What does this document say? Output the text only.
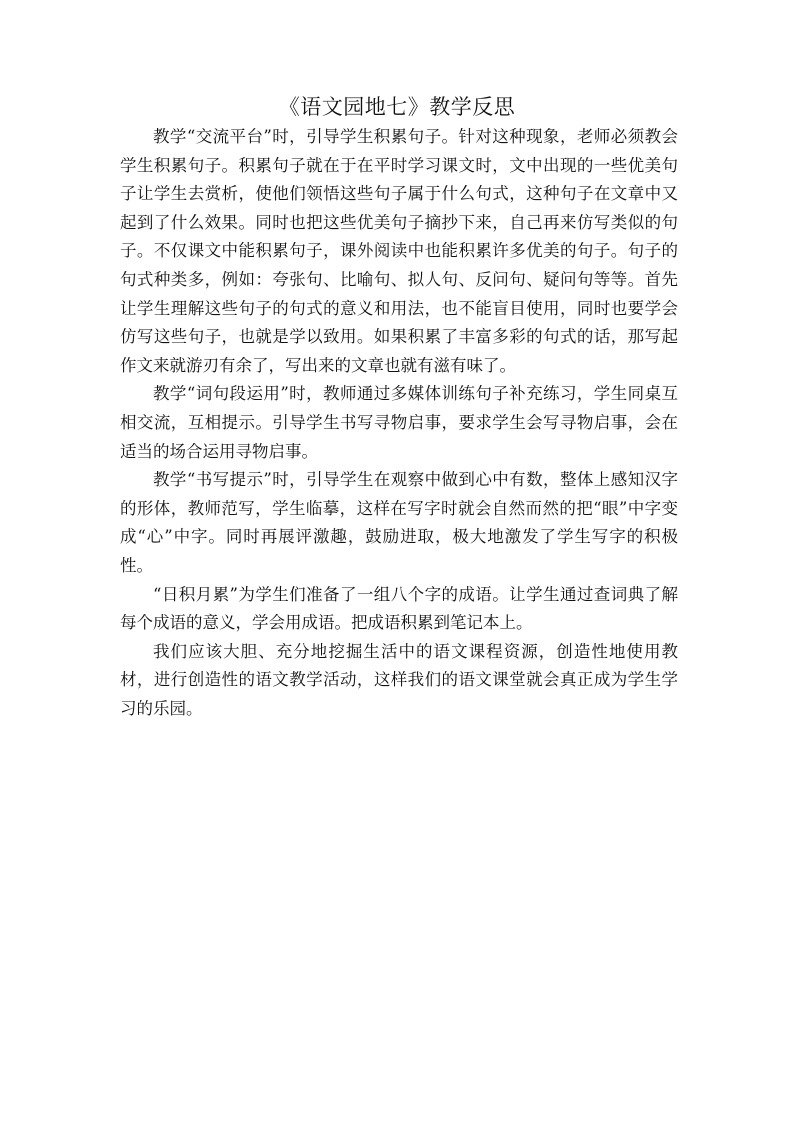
《语文园地七》教学反思

教学“交流平台”时，引导学生积累句子。针对这种现象，老师必须教会学生积累句子。积累句子就在于在平时学习课文时，文中出现的一些优美句子让学生去赏析，使他们领悟这些句子属于什么句式，这种句子在文章中又起到了什么效果。同时也把这些优美句子摘抄下来，自己再来仿写类似的句子。不仅课文中能积累句子，课外阅读中也能积累许多优美的句子。句子的句式种类多，例如：夸张句、比喻句、拟人句、反问句、疑问句等等。首先让学生理解这些句子的句式的意义和用法，也不能盲目使用，同时也要学会仿写这些句子，也就是学以致用。如果积累了丰富多彩的句式的话，那写起作文来就游刃有余了，写出来的文章也就有滋有味了。

教学“词句段运用”时，教师通过多媒体训练句子补充练习，学生同桌互相交流，互相提示。引导学生书写寻物启事，要求学生会写寻物启事，会在适当的场合运用寻物启事。

教学“书写提示”时，引导学生在观察中做到心中有数，整体上感知汉字的形体，教师范写，学生临摹，这样在写字时就会自然而然的把“眼”中字变成“心”中字。同时再展评激趣，鼓励进取，极大地激发了学生写字的积极性。

“日积月累”为学生们准备了一组八个字的成语。让学生通过查词典了解每个成语的意义，学会用成语。把成语积累到笔记本上。

我们应该大胆、充分地挖掘生活中的语文课程资源，创造性地使用教材，进行创造性的语文教学活动，这样我们的语文课堂就会真正成为学生学习的乐园。
